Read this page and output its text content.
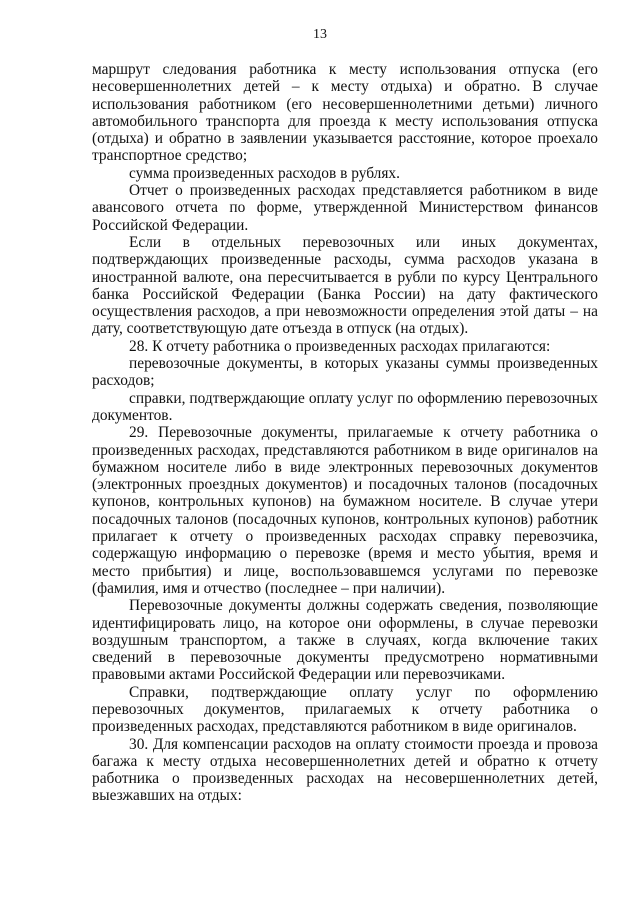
13

маршрут следования работника к месту использования отпуска (его несовершеннолетних детей – к месту отдыха) и обратно. В случае использования работником (его несовершеннолетними детьми) личного автомобильного транспорта для проезда к месту использования отпуска (отдыха) и обратно в заявлении указывается расстояние, которое проехало транспортное средство;

сумма произведенных расходов в рублях.

Отчет о произведенных расходах представляется работником в виде авансового отчета по форме, утвержденной Министерством финансов Российской Федерации.

Если в отдельных перевозочных или иных документах, подтверждающих произведенные расходы, сумма расходов указана в иностранной валюте, она пересчитывается в рубли по курсу Центрального банка Российской Федерации (Банка России) на дату фактического осуществления расходов, а при невозможности определения этой даты – на дату, соответствующую дате отъезда в отпуск (на отдых).

28. К отчету работника о произведенных расходах прилагаются:

перевозочные документы, в которых указаны суммы произведенных расходов;

справки, подтверждающие оплату услуг по оформлению перевозочных документов.

29. Перевозочные документы, прилагаемые к отчету работника о произведенных расходах, представляются работником в виде оригиналов на бумажном носителе либо в виде электронных перевозочных документов (электронных проездных документов) и посадочных талонов (посадочных купонов, контрольных купонов) на бумажном носителе. В случае утери посадочных талонов (посадочных купонов, контрольных купонов) работник прилагает к отчету о произведенных расходах справку перевозчика, содержащую информацию о перевозке (время и место убытия, время и место прибытия) и лице, воспользовавшемся услугами по перевозке (фамилия, имя и отчество (последнее – при наличии).

Перевозочные документы должны содержать сведения, позволяющие идентифицировать лицо, на которое они оформлены, в случае перевозки воздушным транспортом, а также в случаях, когда включение таких сведений в перевозочные документы предусмотрено нормативными правовыми актами Российской Федерации или перевозчиками.

Справки, подтверждающие оплату услуг по оформлению перевозочных документов, прилагаемых к отчету работника о произведенных расходах, представляются работником в виде оригиналов.

30. Для компенсации расходов на оплату стоимости проезда и провоза багажа к месту отдыха несовершеннолетних детей и обратно к отчету работника о произведенных расходах на несовершеннолетних детей, выезжавших на отдых:
